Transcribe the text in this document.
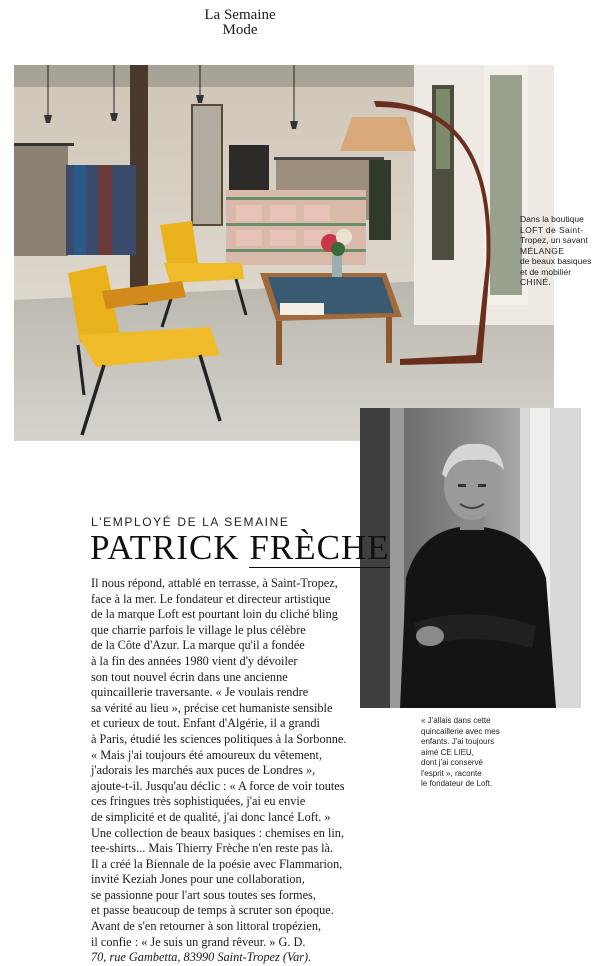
La Semaine
Mode
Dans la boutique
LOFT de Saint-
Tropez, un savant
MÉLANGE
de beaux basiques
et de mobilier
CHINÉ.
« J'allais dans cette
quincaillerie avec mes
enfants. J'ai toujours
aimé CE LIEU,
dont j'ai conservé
l'esprit », raconte
le fondateur de Loft.
L'EMPLOYÉ DE LA SEMAINE
PATRICK FRÈCHE
Il nous répond, attablé en terrasse, à Saint-Tropez,
face à la mer. Le fondateur et directeur artistique
de la marque Loft est pourtant loin du cliché bling
que charrie parfois le village le plus célèbre
de la Côte d'Azur. La marque qu'il a fondée
à la fin des années 1980 vient d'y dévoiler
son tout nouvel écrin dans une ancienne
quincaillerie traversante. « Je voulais rendre
sa vérité au lieu », précise cet humaniste sensible
et curieux de tout. Enfant d'Algérie, il a grandi
à Paris, étudié les sciences politiques à la Sorbonne.
« Mais j'ai toujours été amoureux du vêtement,
j'adorais les marchés aux puces de Londres »,
ajoute-t-il. Jusqu'au déclic : « A force de voir toutes
ces fringues très sophistiquées, j'ai eu envie
de simplicité et de qualité, j'ai donc lancé Loft. »
Une collection de beaux basiques : chemises en lin,
tee-shirts... Mais Thierry Frèche n'en reste pas là.
Il a créé la Biennale de la poésie avec Flammarion,
invité Keziah Jones pour une collaboration,
se passionne pour l'art sous toutes ses formes,
et passe beaucoup de temps à scruter son époque.
Avant de s'en retourner à son littoral tropézien,
il confie : « Je suis un grand rêveur. » G. D.
70, rue Gambetta, 83990 Saint-Tropez (Var).
